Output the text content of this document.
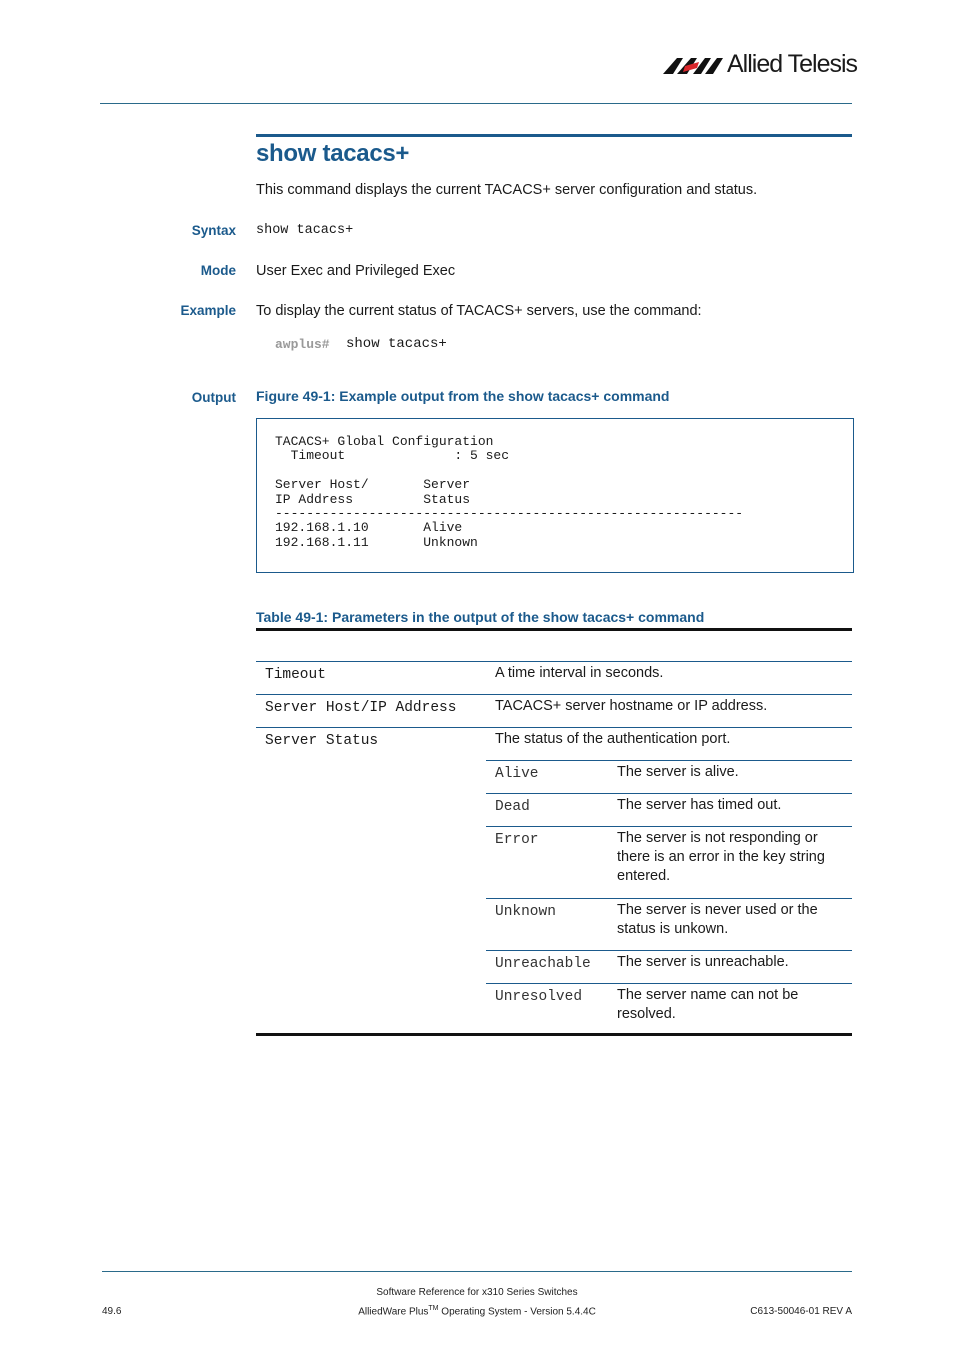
Allied Telesis
show tacacs+
This command displays the current TACACS+ server configuration and status.
Syntax show tacacs+
Mode User Exec and Privileged Exec
Example To display the current status of TACACS+ servers, use the command:
awplus# show tacacs+
Output Figure 49-1: Example output from the show tacacs+ command
TACACS+ Global Configuration
Timeout              : 5 sec

Server Host/       Server
IP Address         Status
------------------------------------------------------------
192.168.1.10       Alive
192.168.1.11       Unknown
Table 49-1: Parameters in the output of the show tacacs+ command
Timeout	A time interval in seconds.
Server Host/IP Address	TACACS+ server hostname or IP address.
Server Status	The status of the authentication port.
Alive	The server is alive.
Dead	The server has timed out.
Error	The server is not responding or there is an error in the key string entered.
Unknown	The server is never used or the status is unkown.
Unreachable The server is unreachable.
Unresolved The server name can not be resolved.
Software Reference for x310 Series Switches
AlliedWare Plus™ Operating System - Version 5.4.4C
49.6	C613-50046-01 REV A
